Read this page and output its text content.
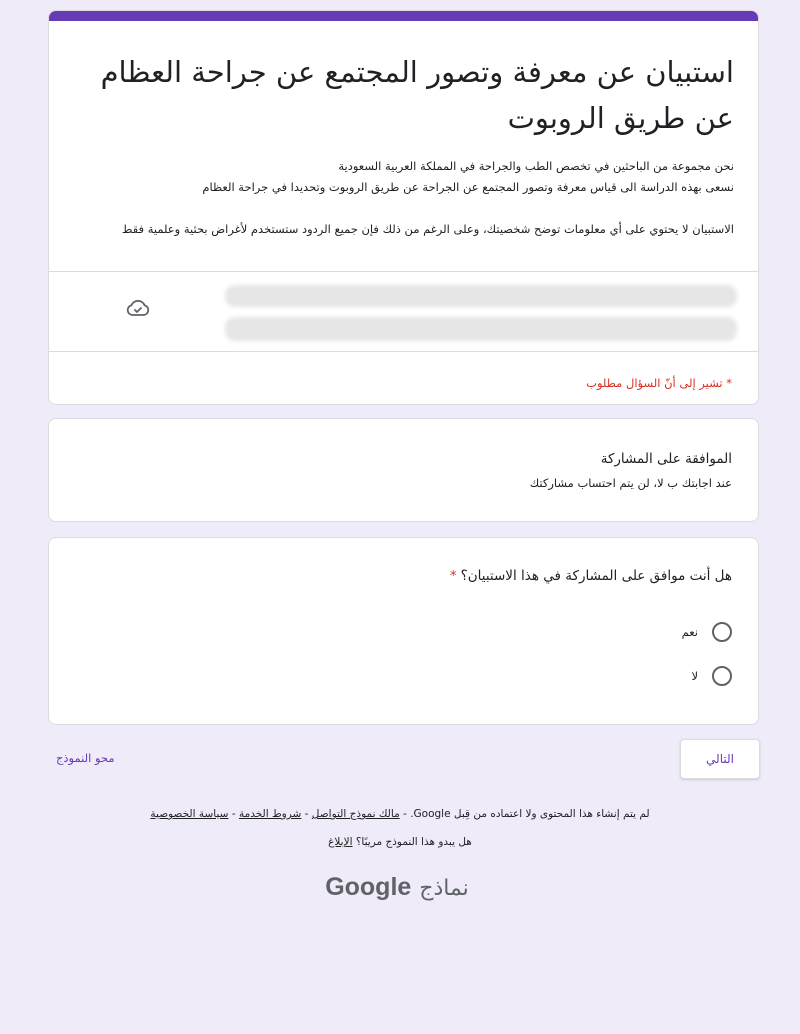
استبيان عن معرفة وتصور المجتمع عن جراحة العظام عن طريق الروبوت

نحن مجموعة من الباحثين في تخصص الطب والجراحة في المملكة العربية السعودية

نسعى بهذه الدراسة الى قياس معرفة وتصور المجتمع عن الجراحة عن طريق الروبوت وتحديدا في جراحة العظام

الاستبيان لا يحتوي على أي معلومات توضح شخصيتك، وعلى الرغم من ذلك فإن جميع الردود ستستخدم لأغراض بحثية وعلمية فقط

* تشير إلى أنّ السؤال مطلوب
الموافقة على المشاركة
عند اجابتك ب لا، لن يتم احتساب مشاركتك
هل أنت موافق على المشاركة في هذا الاستبيان؟*
نعم
لا
التالي
محو النموذج
لم يتم إنشاء هذا المحتوى ولا اعتماده من قِبل Google. - مالك نموذج التواصل - شروط الخدمة - سياسة الخصوصية
هل يبدو هذا النموذج مريبًا؟ الإبلاغ
نماذج Google
